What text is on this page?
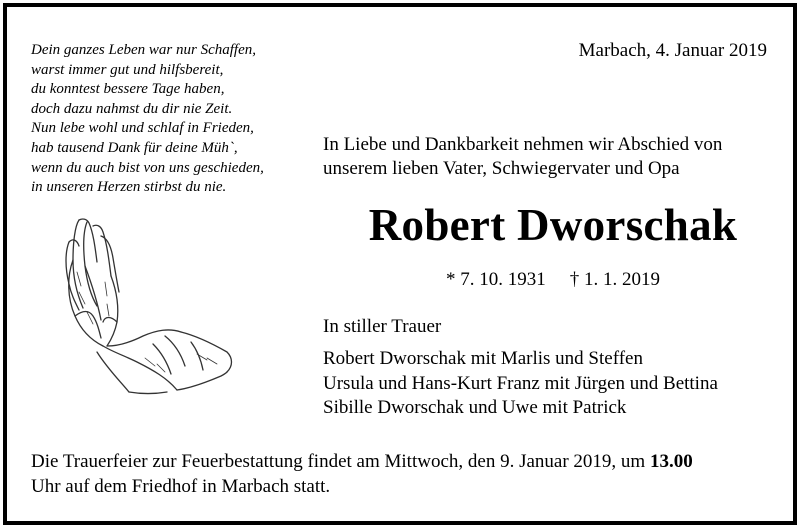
Dein ganzes Leben war nur Schaffen,
warst immer gut und hilfsbereit,
du konntest bessere Tage haben,
doch dazu nahmst du dir nie Zeit.
Nun lebe wohl und schlaf in Frieden,
hab tausend Dank für deine Müh`,
wenn du auch bist von uns geschieden,
in unseren Herzen stirbst du nie.
Marbach, 4. Januar 2019
In Liebe und Dankbarkeit nehmen wir Abschied von
unserem lieben Vater, Schwiegervater und Opa
Robert Dworschak
* 7. 10. 1931 † 1. 1. 2019
In stiller Trauer
Robert Dworschak mit Marlis und Steffen
Ursula und Hans-Kurt Franz mit Jürgen und Bettina
Sibille Dworschak und Uwe mit Patrick
Die Trauerfeier zur Feuerbestattung findet am Mittwoch, den 9. Januar 2019, um 13.00
Uhr auf dem Friedhof in Marbach statt.
